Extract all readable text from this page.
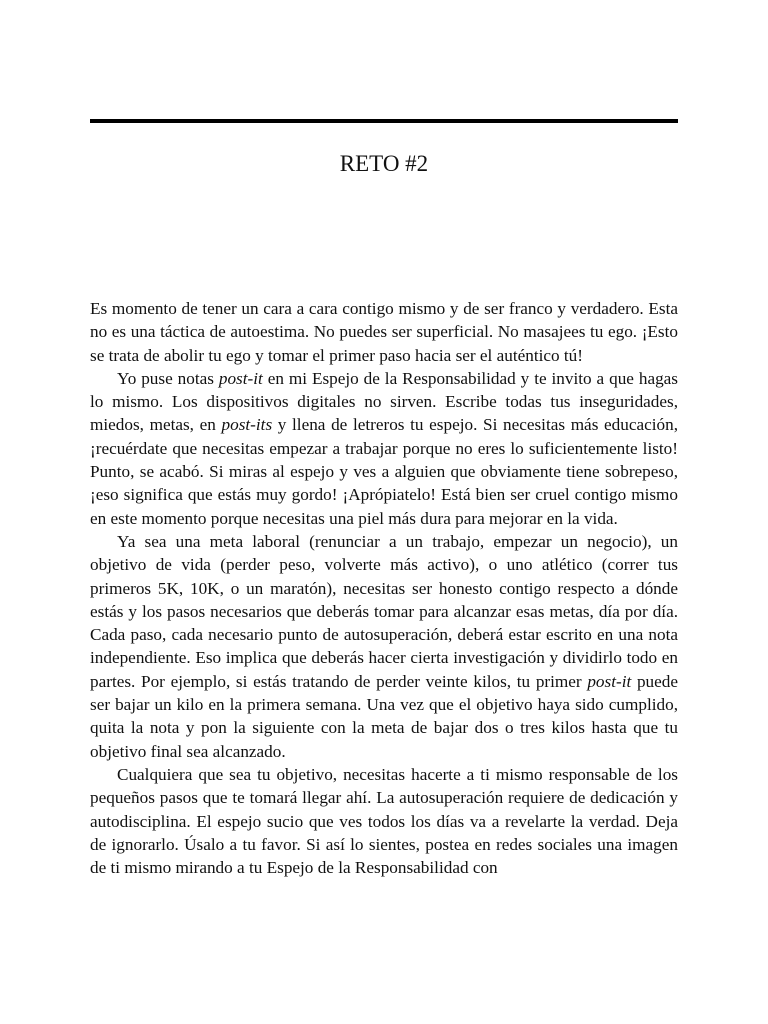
RETO #2

Es momento de tener un cara a cara contigo mismo y de ser franco y verdadero. Esta no es una táctica de autoestima. No puedes ser superficial. No masajees tu ego. ¡Esto se trata de abolir tu ego y tomar el primer paso hacia ser el auténtico tú!

Yo puse notas post-it en mi Espejo de la Responsabilidad y te invito a que hagas lo mismo. Los dispositivos digitales no sirven. Escribe todas tus inseguridades, miedos, metas, en post-its y llena de letreros tu espejo. Si necesitas más educación, ¡recuérdate que necesitas empezar a trabajar porque no eres lo suficientemente listo! Punto, se acabó. Si miras al espejo y ves a alguien que obviamente tiene sobrepeso, ¡eso significa que estás muy gordo! ¡Aprópiatelo! Está bien ser cruel contigo mismo en este momento porque necesitas una piel más dura para mejorar en la vida.

Ya sea una meta laboral (renunciar a un trabajo, empezar un negocio), un objetivo de vida (perder peso, volverte más activo), o uno atlético (correr tus primeros 5K, 10K, o un maratón), necesitas ser honesto contigo respecto a dónde estás y los pasos necesarios que deberás tomar para alcanzar esas metas, día por día. Cada paso, cada necesario punto de autosuperación, deberá estar escrito en una nota independiente. Eso implica que deberás hacer cierta investigación y dividirlo todo en partes. Por ejemplo, si estás tratando de perder veinte kilos, tu primer post-it puede ser bajar un kilo en la primera semana. Una vez que el objetivo haya sido cumplido, quita la nota y pon la siguiente con la meta de bajar dos o tres kilos hasta que tu objetivo final sea alcanzado.

Cualquiera que sea tu objetivo, necesitas hacerte a ti mismo responsable de los pequeños pasos que te tomará llegar ahí. La autosuperación requiere de dedicación y autodisciplina. El espejo sucio que ves todos los días va a revelarte la verdad. Deja de ignorarlo. Úsalo a tu favor. Si así lo sientes, postea en redes sociales una imagen de ti mismo mirando a tu Espejo de la Responsabilidad con
